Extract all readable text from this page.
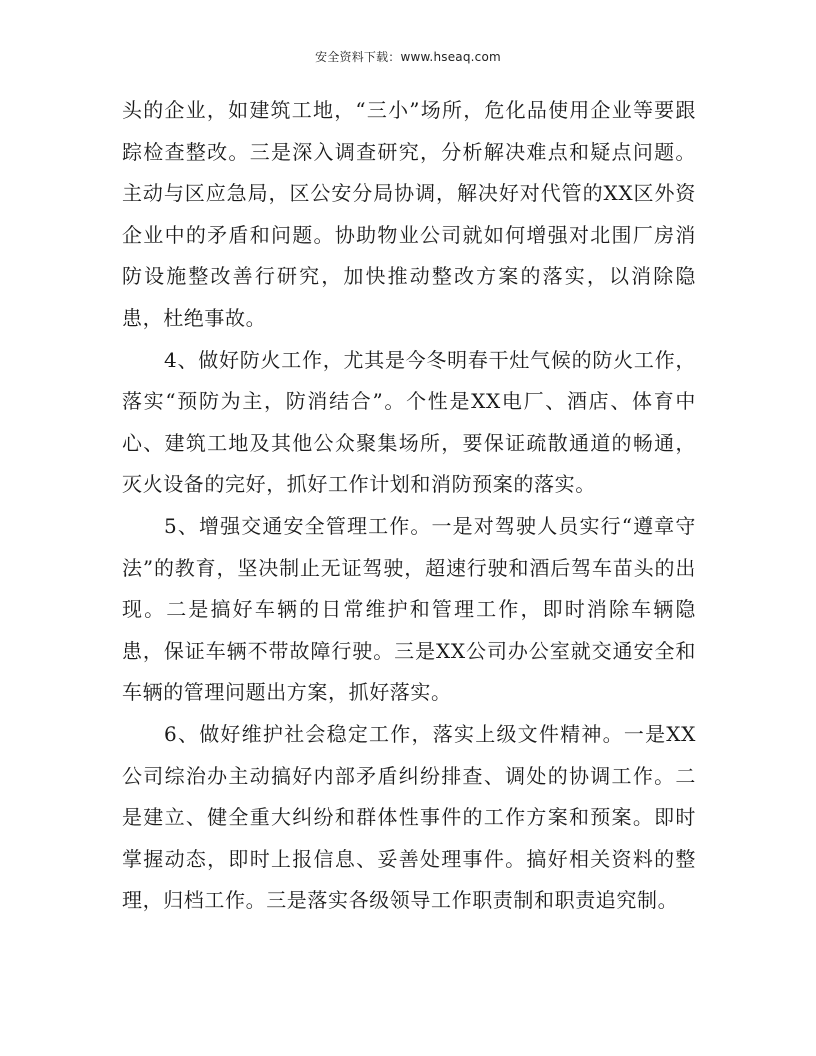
安全资料下载：www.hseaq.com

头的企业，如建筑工地，“三小”场所，危化品使用企业等要跟踪检查整改。三是深入调查研究，分析解决难点和疑点问题。主动与区应急局，区公安分局协调，解决好对代管的XX区外资企业中的矛盾和问题。协助物业公司就如何增强对北围厂房消防设施整改善行研究，加快推动整改方案的落实，以消除隐患，杜绝事故。

4、做好防火工作，尤其是今冬明春干灶气候的防火工作，落实“预防为主，防消结合”。个性是XX电厂、酒店、体育中心、建筑工地及其他公众聚集场所，要保证疏散通道的畅通，灭火设备的完好，抓好工作计划和消防预案的落实。

5、增强交通安全管理工作。一是对驾驶人员实行“遵章守法”的教育，坚决制止无证驾驶，超速行驶和酒后驾车苗头的出现。二是搞好车辆的日常维护和管理工作，即时消除车辆隐患，保证车辆不带故障行驶。三是XX公司办公室就交通安全和车辆的管理问题出方案，抓好落实。

6、做好维护社会稳定工作，落实上级文件精神。一是XX公司综治办主动搞好内部矛盾纠纷排查、调处的协调工作。二是建立、健全重大纠纷和群体性事件的工作方案和预案。即时掌握动态，即时上报信息、妥善处理事件。搞好相关资料的整理，归档工作。三是落实各级领导工作职责制和职责追究制。
